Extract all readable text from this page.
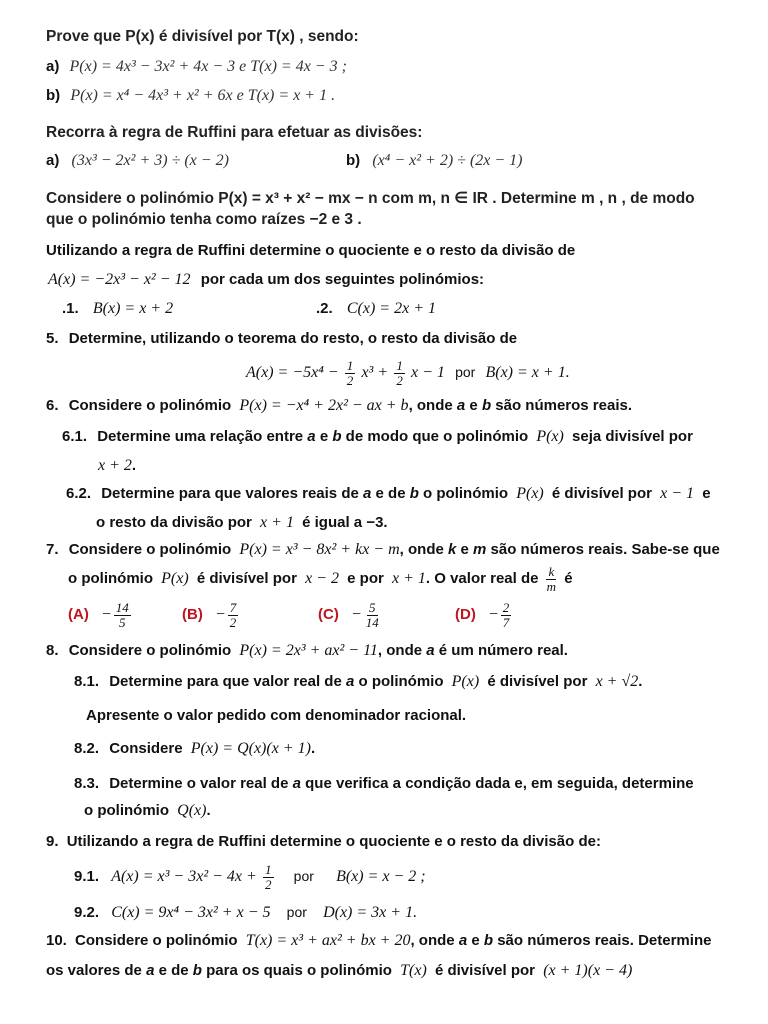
Prove que P(x) é divisível por T(x) , sendo:
a) P(x) = 4x³ − 3x² + 4x − 3 e T(x) = 4x − 3 ;
b) P(x) = x⁴ − 4x³ + x² + 6x e T(x) = x + 1 .
Recorra à regra de Ruffini para efetuar as divisões:
a) (3x³ − 2x² + 3) ÷ (x − 2)	b) (x⁴ − x² + 2) ÷ (2x − 1)
Considere o polinómio P(x) = x³ + x² − mx − n com m, n ∈ IR . Determine m , n , de modo
que o polinómio tenha como raízes −2 e 3 .
Utilizando a regra de Ruffini determine o quociente e o resto da divisão de
A(x) = −2x³ − x² − 12 por cada um dos seguintes polinómios:
.1. B(x) = x + 2	.2. C(x) = 2x + 1
5. Determine, utilizando o teorema do resto, o resto da divisão de
$A(x) = -5x^4 - \frac{1}{2} x^3 + \frac{1}{2}$ x − 1 por B(x) = x + 1.
6. Considere o polinómio P(x) = −x⁴ + 2x² − ax + b, onde a e b são números reais.
6.1. Determine uma relação entre a e b de modo que o polinómio P(x) seja divisível por
x + 2.
6.2. Determine para que valores reais de a e de b o polinómio P(x) é divisível por x − 1 e
o resto da divisão por x + 1 é igual a −3.
7. Considere o polinómio P(x) = x³ − 8x² + kx − m, onde k e m são números reais. Sabe-se que
o polinómio P(x) é divisível por x − 2 e por x + 1. O valor real de $\frac{k}{m}$ é
$(A) - \frac{14}{5}$	$(B) - \frac{7}{2}$	$(C) - \frac{5}{14}$	$(D) - \frac{2}{7}$
8. Considere o polinómio P(x) = 2x³ + ax² − 11, onde a é um número real.
8.1. Determine para que valor real de a o polinómio P(x) é divisível por x + √2.
Apresente o valor pedido com denominador racional.
8.2. Considere P(x) = Q(x)(x + 1).
8.3. Determine o valor real de a que verifica a condição dada e, em seguida, determine
o polinómio Q(x).
9. Utilizando a regra de Ruffini determine o quociente e o resto da divisão de:
9.1. $A(x) = x^3 - 3x^2 - 4x + \frac{1}{2}$ por B(x) = x − 2 ;
9.2. C(x) = 9x⁴ − 3x² + x − 5 por D(x) = 3x + 1.
10. Considere o polinómio T(x) = x³ + ax² + bx + 20, onde a e b são números reais. Determine
os valores de a e de b para os quais o polinómio T(x) é divisível por (x + 1)(x − 4)
